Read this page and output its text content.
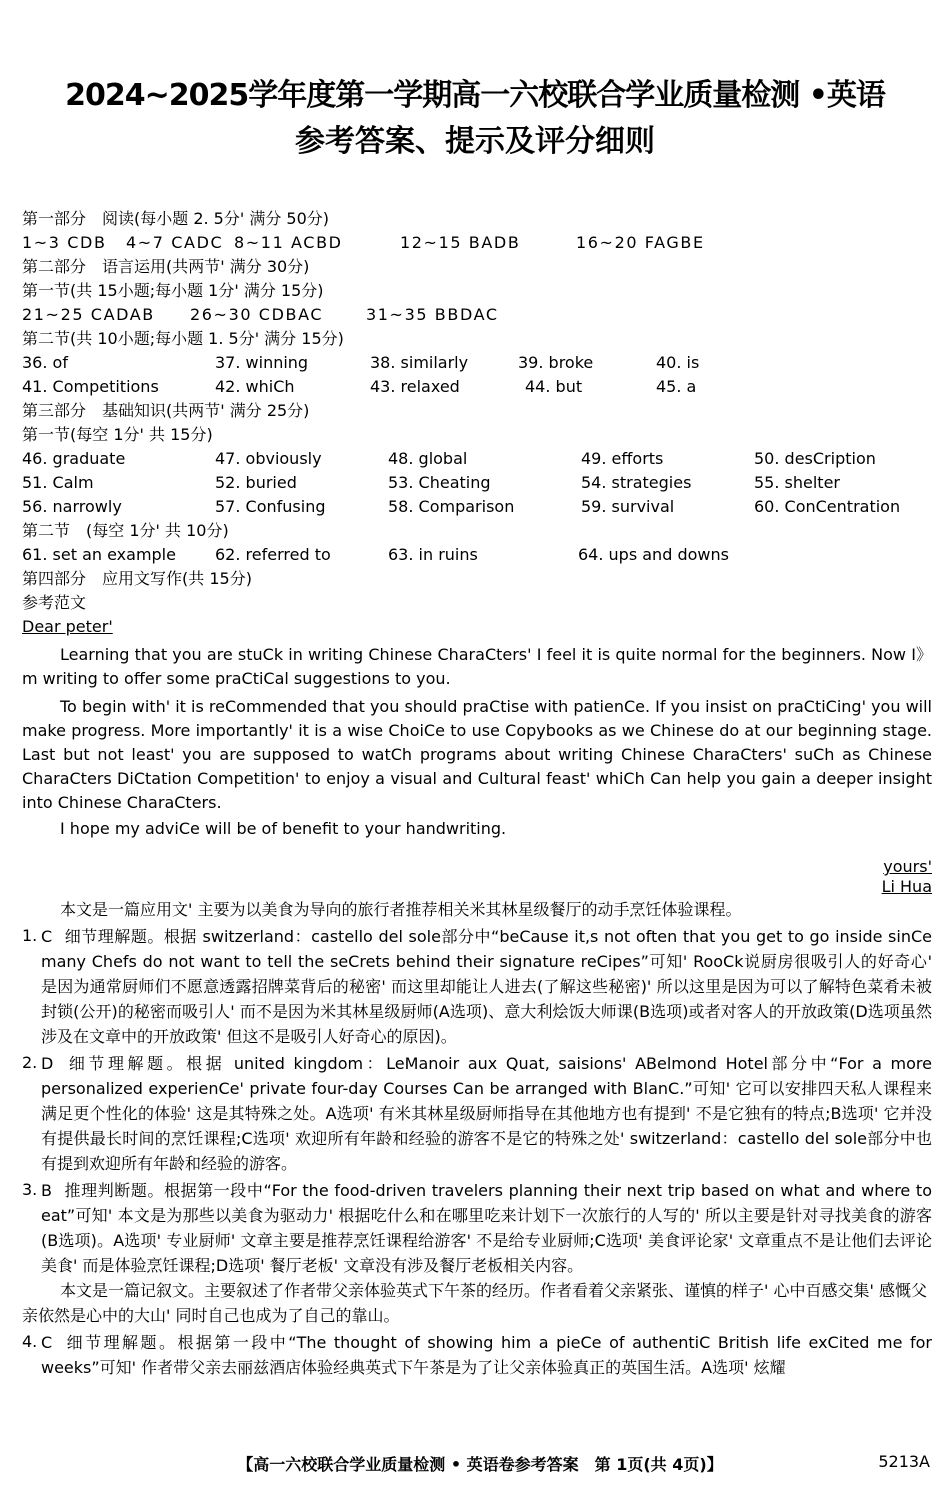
2024~2025学年度第一学期高一六校联合学业质量检测 •英语
参考答案、提示及评分细则
第一部分　阅读(每小题 2. 5分' 满分 50分)
1~3 CDB	4~7 CADC 8~11 ACBD	12~15 BADB	16~20 FAGBE
第二部分　语言运用(共两节' 满分 30分)
第一节(共 15小题;每小题 1分' 满分 15分)
21~25 CADAB	26~30 CDBAC	31~35 BBDAC
第二节(共 10小题;每小题 1. 5分' 满分 15分)
36. of	37. winning	38. similarly	39. broke	40. is
41. Competitions	42. whiCh	43. relaxed	44. but	45. a
第三部分　基础知识(共两节' 满分 25分)
第一节(每空 1分' 共 15分)
46. graduate	47. obviously	48. global	49. efforts	50. desCription
51. Calm	52. buried	53. Cheating	54. strategies	55. shelter
56. narrowly	57. Confusing	58. Comparison	59. survival	60. ConCentration
第二节　(每空 1分' 共 10分)
61. set an example	62. referred to	63. in ruins	64. ups and downs
第四部分　应用文写作(共 15分)
参考范文
Dear peter'

Learning that you are stuCk in writing Chinese CharaCters' I feel it is quite normal for the beginners. Now I》m writing to offer some praCtiCal suggestions to you.

To begin with' it is reCommended that you should praCtise with patienCe. If you insist on praCtiCing' you will make progress. More importantly' it is a wise ChoiCe to use Copybooks as we Chinese do at our beginning stage. Last but not least' you are supposed to watCh programs about writing Chinese CharaCters' suCh as Chinese CharaCters DiCtation Competition' to enjoy a visual and Cultural feast' whiCh Can help you gain a deeper insight into Chinese CharaCters.

I hope my adviCe will be of benefit to your handwriting.

yours'
Li Hua

本文是一篇应用文' 主要为以美食为导向的旅行者推荐相关米其林星级餐厅的动手烹饪体验课程。

1. C 细节理解题。根据 switzerland：castello del sole部分中“beCause it,s not often that you get to go inside sinCe many Chefs do not want to tell the seCrets behind their signature reCipes”可知' RooCk说厨房很吸引人的好奇心' 是因为通常厨师们不愿意透露招牌菜背后的秘密' 而这里却能让人进去(了解这些秘密)' 所以这里是因为可以了解特色菜肴未被封锁(公开)的秘密而吸引人' 而不是因为米其林星级厨师(A选项)、意大利烩饭大师课(B选项)或者对客人的开放政策(D选项虽然涉及在文章中的开放政策' 但这不是吸引人好奇心的原因)。
2. D 细节理解题。根据 united kingdom：LeManoir aux Quat, saisions' ABelmond Hotel部分中“For a more personalized experienCe' private four-day Courses Can be arranged with BlanC.”可知' 它可以安排四天私人课程来满足更个性化的体验' 这是其特殊之处。A选项' 有米其林星级厨师指导在其他地方也有提到' 不是它独有的特点;B选项' 它并没有提供最长时间的烹饪课程;C选项' 欢迎所有年龄和经验的游客不是它的特殊之处' switzerland：castello del sole部分中也有提到欢迎所有年龄和经验的游客。
3. B 推理判断题。根据第一段中“For the food-driven travelers planning their next trip based on what and where to eat”可知' 本文是为那些以美食为驱动力' 根据吃什么和在哪里吃来计划下一次旅行的人写的' 所以主要是针对寻找美食的游客(B选项)。A选项' 专业厨师' 文章主要是推荐烹饪课程给游客' 不是给专业厨师;C选项' 美食评论家' 文章重点不是让他们去评论美食' 而是体验烹饪课程;D选项' 餐厅老板' 文章没有涉及餐厅老板相关内容。

本文是一篇记叙文。主要叙述了作者带父亲体验英式下午茶的经历。作者看着父亲紧张、谨慎的样子' 心中百感交集' 感慨父亲依然是心中的大山' 同时自己也成为了自己的靠山。

4. C 细节理解题。根据第一段中“The thought of showing him a pieCe of authentiC British life exCited me for weeks”可知' 作者带父亲去丽兹酒店体验经典英式下午茶是为了让父亲体验真正的英国生活。A选项' 炫耀
【高一六校联合学业质量检测 • 英语卷参考答案　第 1页(共 4页)】	5213A
